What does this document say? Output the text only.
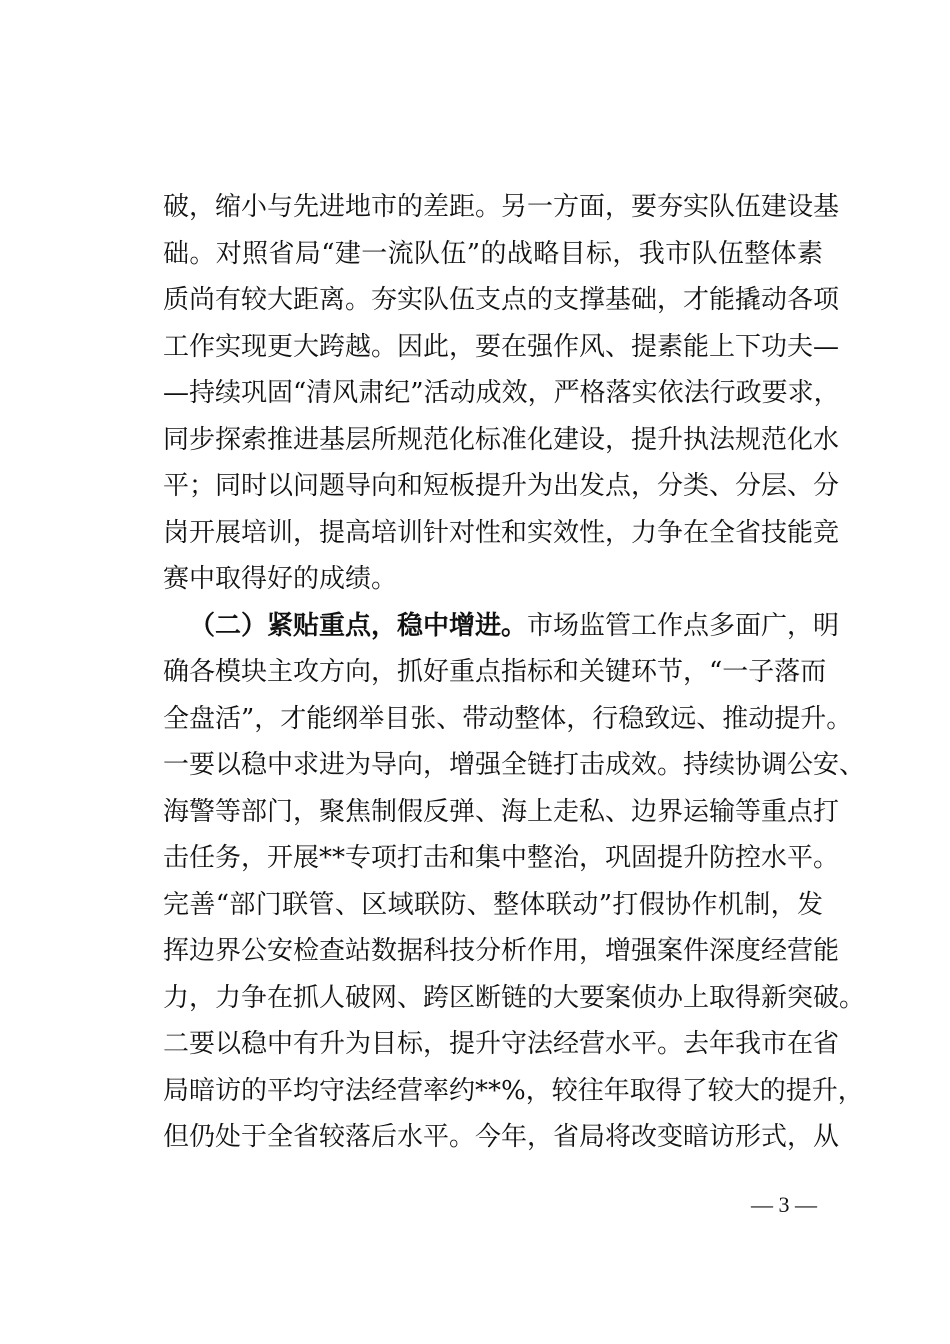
破，缩小与先进地市的差距。另一方面，要夯实队伍建设基
础。对照省局“建一流队伍”的战略目标，我市队伍整体素
质尚有较大距离。夯实队伍支点的支撑基础，才能撬动各项
工作实现更大跨越。因此，要在强作风、提素能上下功夫—
—持续巩固“清风肃纪”活动成效，严格落实依法行政要求，
同步探索推进基层所规范化标准化建设，提升执法规范化水
平；同时以问题导向和短板提升为出发点，分类、分层、分
岗开展培训，提高培训针对性和实效性，力争在全省技能竞
赛中取得好的成绩。
（二）紧贴重点，稳中增进。市场监管工作点多面广，明
确各模块主攻方向，抓好重点指标和关键环节，“一子落而
全盘活”，才能纲举目张、带动整体，行稳致远、推动提升。
一要以稳中求进为导向，增强全链打击成效。持续协调公安、
海警等部门，聚焦制假反弹、海上走私、边界运输等重点打
击任务，开展**专项打击和集中整治，巩固提升防控水平。
完善“部门联管、区域联防、整体联动”打假协作机制，发
挥边界公安检查站数据科技分析作用，增强案件深度经营能
力，力争在抓人破网、跨区断链的大要案侦办上取得新突破。
二要以稳中有升为目标，提升守法经营水平。去年我市在省
局暗访的平均守法经营率约**%，较往年取得了较大的提升，
但仍处于全省较落后水平。今年，省局将改变暗访形式，从
— 3 —
